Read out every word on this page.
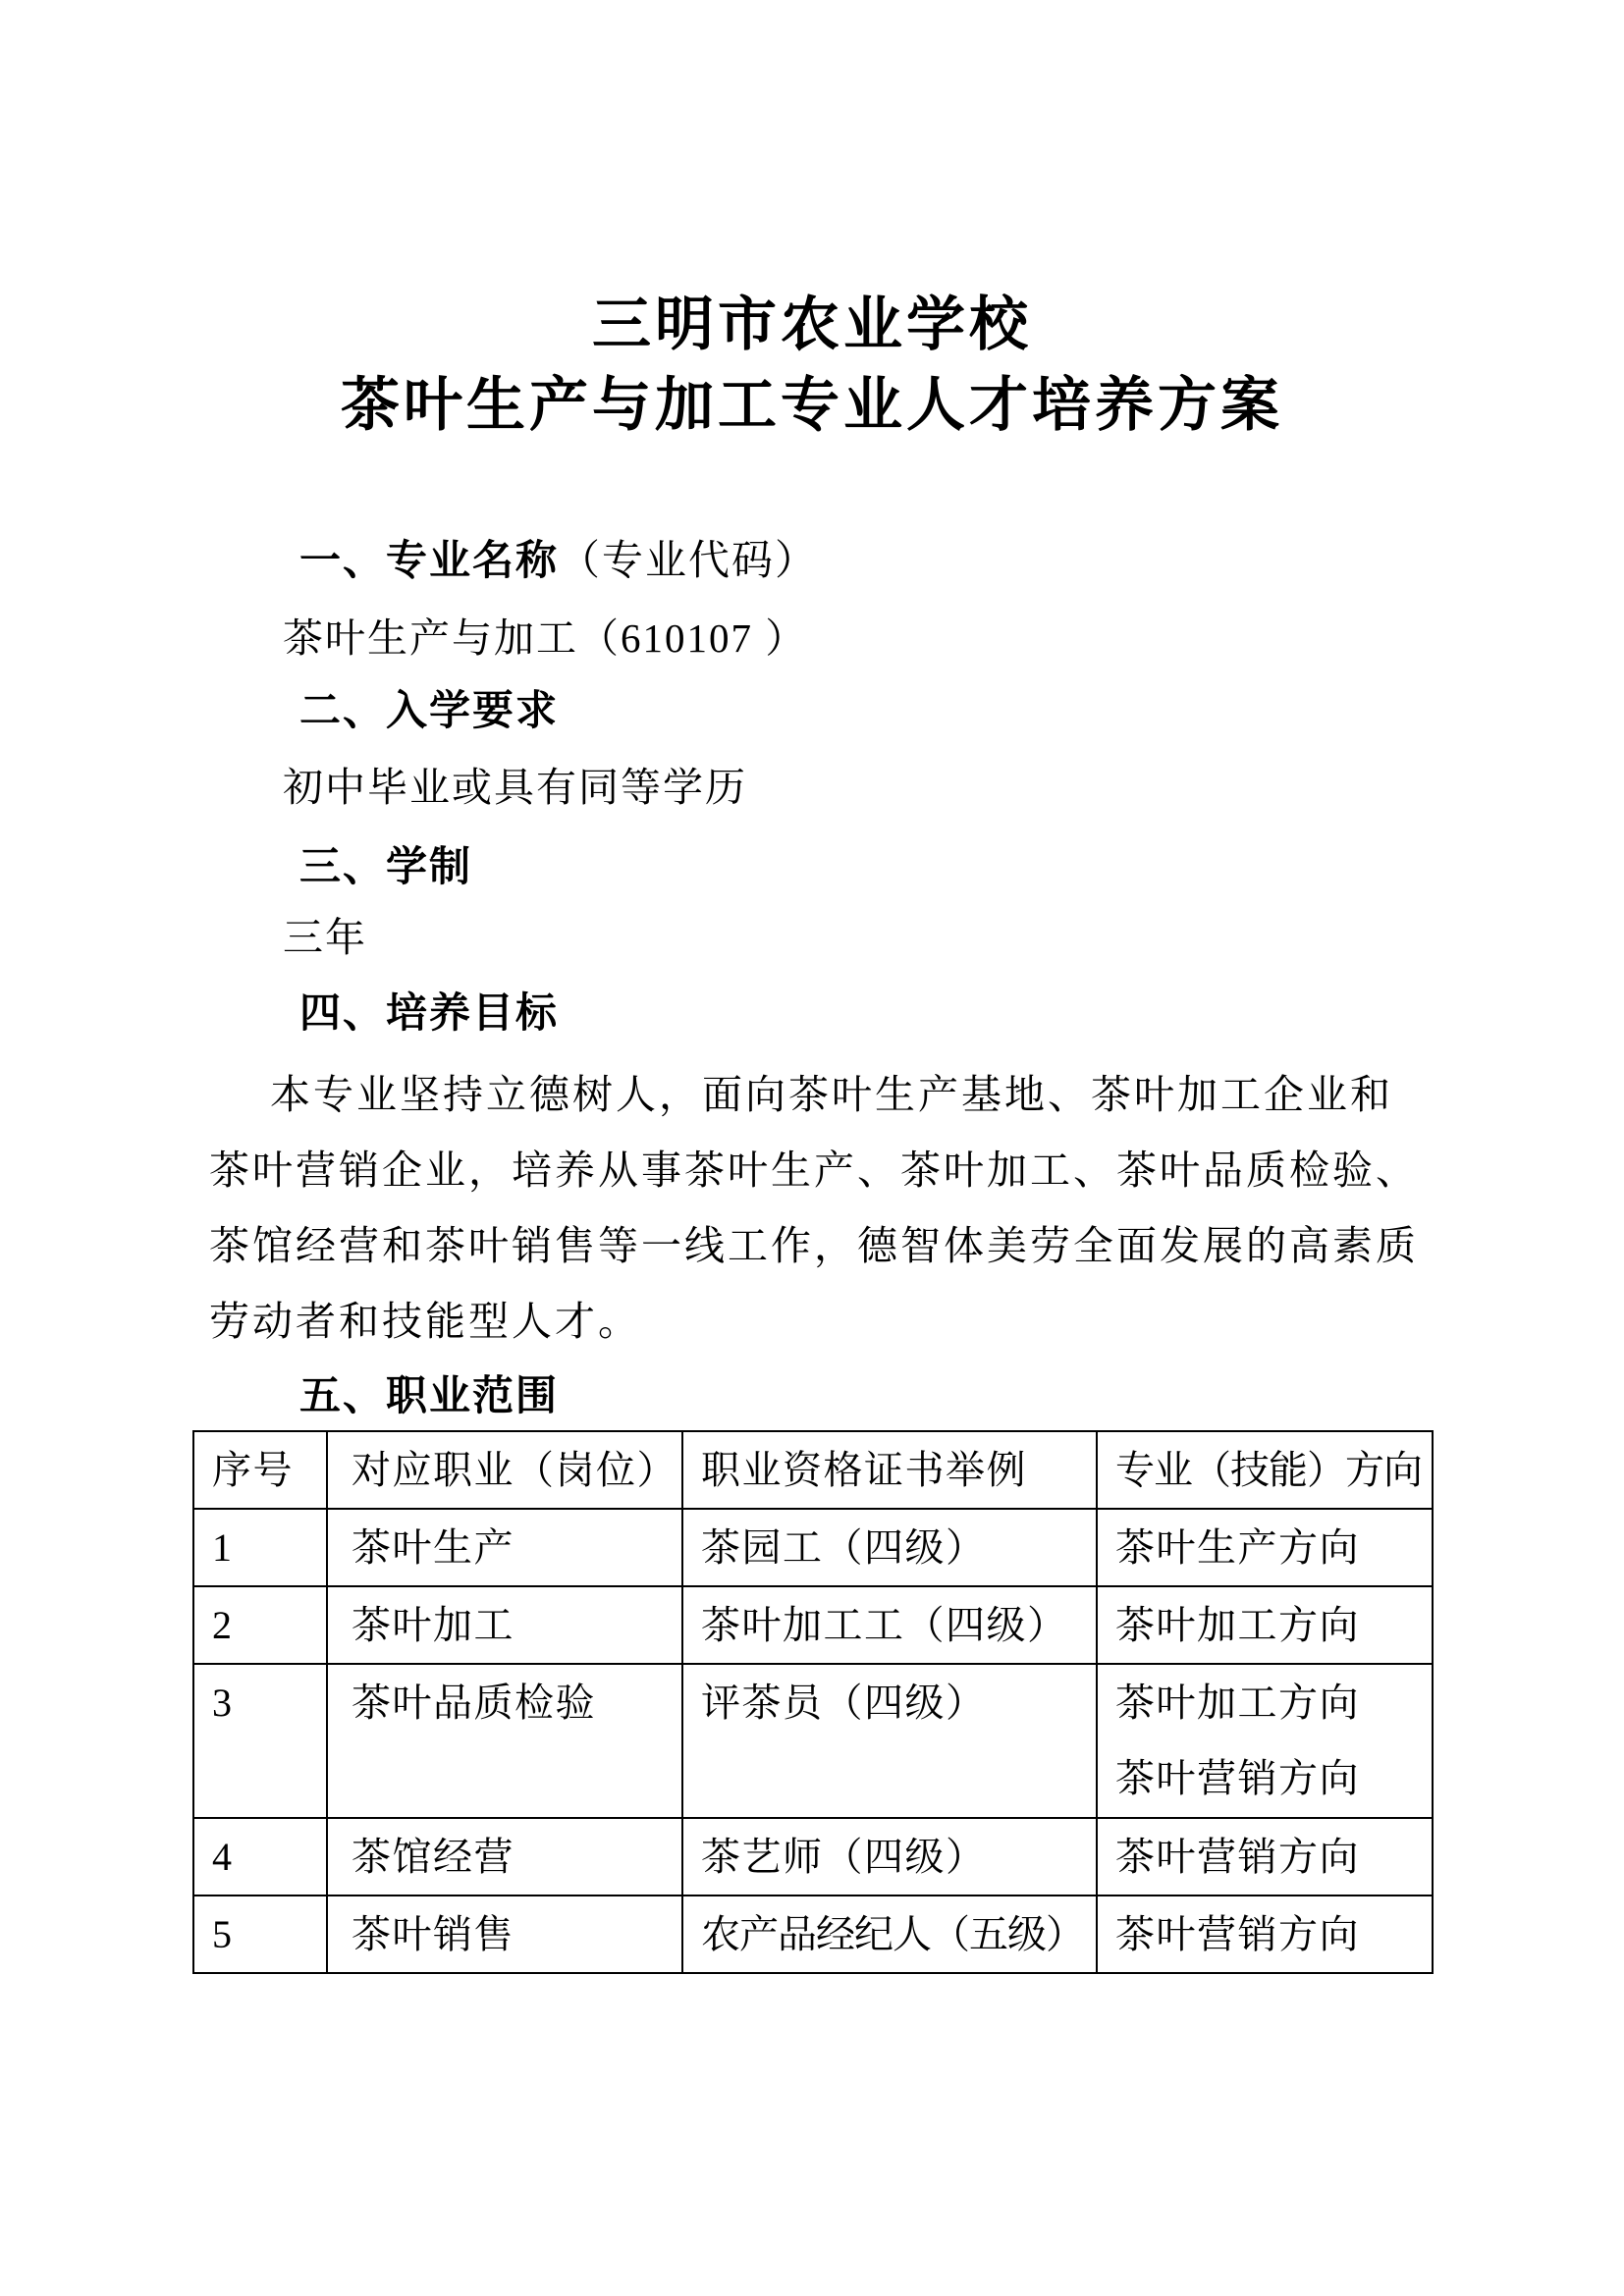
三明市农业学校
茶叶生产与加工专业人才培养方案
一、专业名称（专业代码）
茶叶生产与加工（610107 ）
二、入学要求
初中毕业或具有同等学历
三、学制
三年
四、培养目标
本专业坚持立德树人，面向茶叶生产基地、茶叶加工企业和
茶叶营销企业，培养从事茶叶生产、茶叶加工、茶叶品质检验、
茶馆经营和茶叶销售等一线工作，德智体美劳全面发展的高素质
劳动者和技能型人才。
五、职业范围
序号	对应职业（岗位）	职业资格证书举例	专业（技能）方向
1	茶叶生产	茶园工（四级）	茶叶生产方向
2	茶叶加工	茶叶加工工（四级）	茶叶加工方向
3	茶叶品质检验	评茶员（四级）	茶叶加工方向
茶叶营销方向

4	茶馆经营	茶艺师（四级）	茶叶营销方向
5	茶叶销售	农产品经纪人（五级）	茶叶营销方向
